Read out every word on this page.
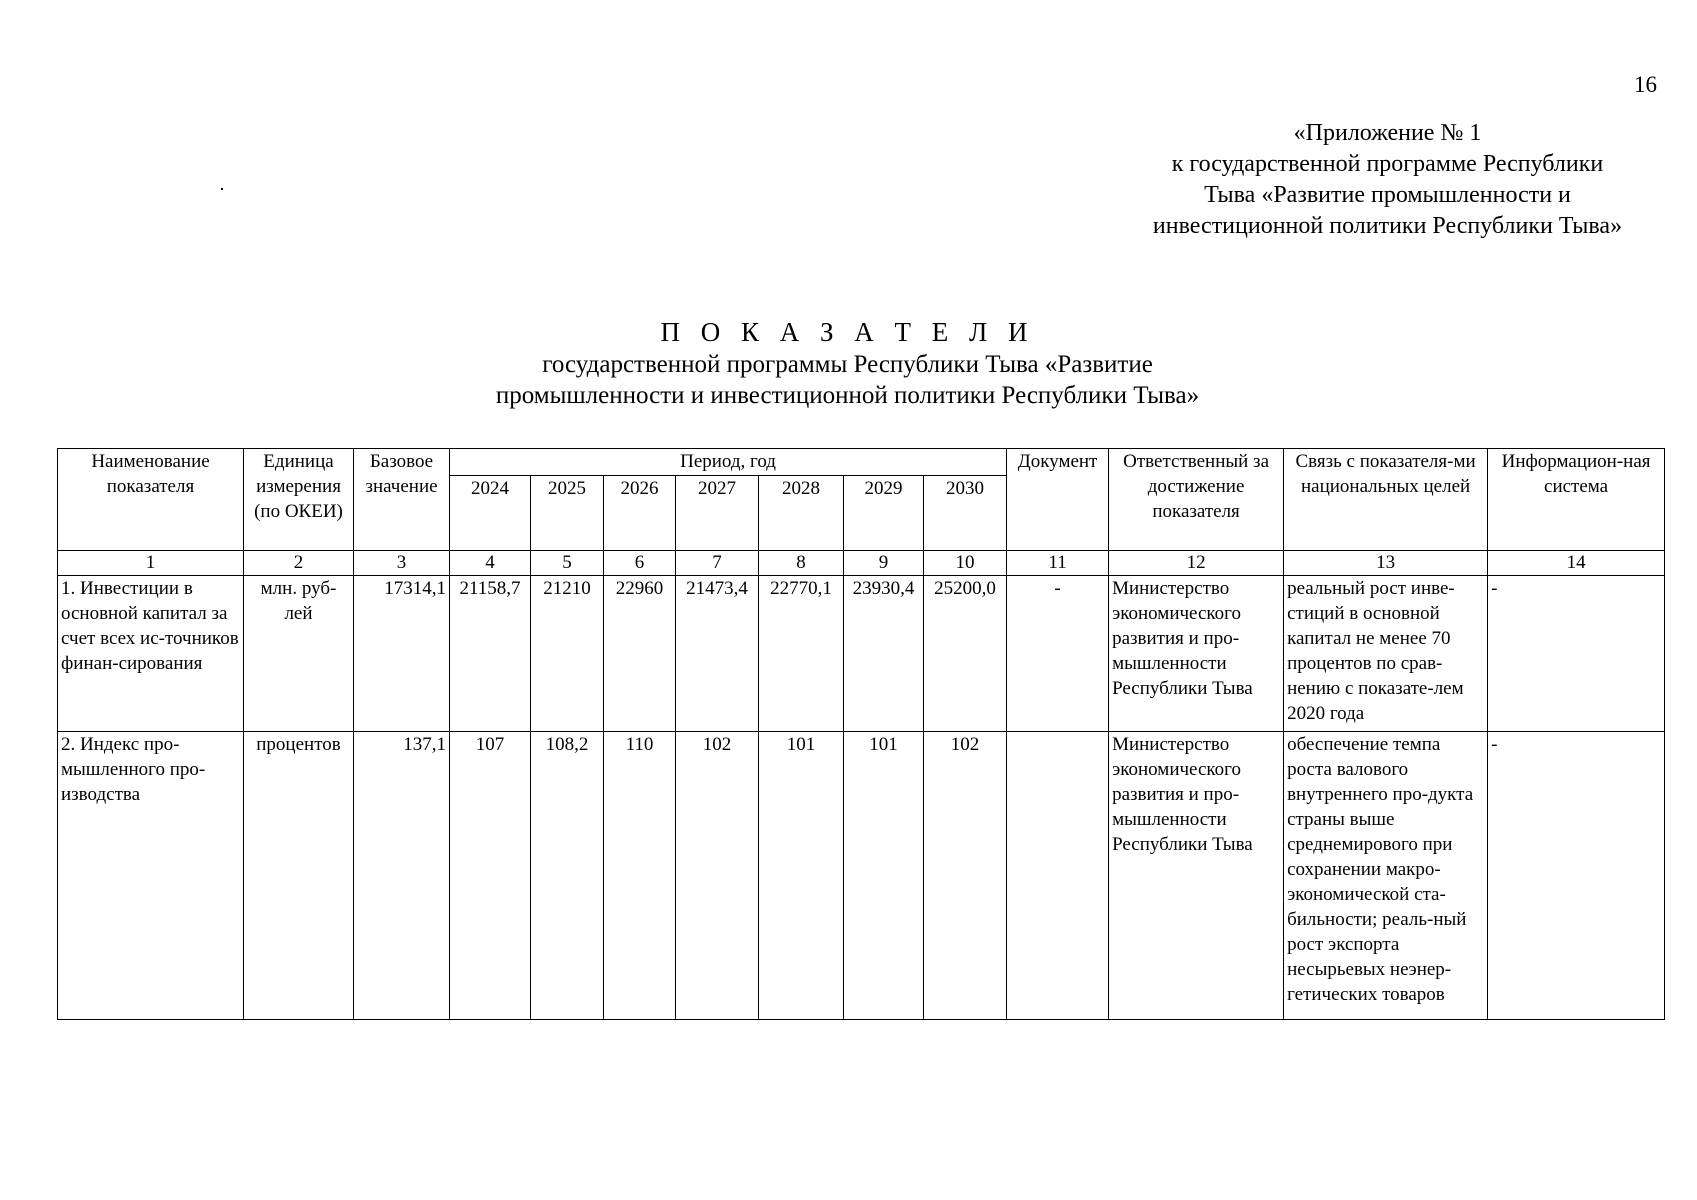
16
«Приложение № 1
к государственной программе Республики
Тыва «Развитие промышленности и
инвестиционной политики Республики Тыва»
П О К А З А Т Е Л И
государственной программы Республики Тыва «Развитие
промышленности и инвестиционной политики Республики Тыва»
Наименование показателя	Единица измерения (по ОКЕИ)	Базовое значение	Период, год							Документ	Ответственный за достижение показателя	Связь с показателя-ми национальных целей	Информацион-ная система
			2024	2025	2026	2027	2028	2029	2030				
1	2	3	4	5	6	7	8	9	10	11	12	13	14
1. Инвестиции в основной капитал за счет всех ис-точников финан-сирования	млн. руб-лей	17314,1	21158,7	21210	22960	21473,4	22770,1	23930,4	25200,0	-	Министерство экономического развития и про-мышленности Республики Тыва	реальный рост инве-стиций в основной капитал не менее 70 процентов по срав-нению с показате-лем 2020 года	-
2. Индекс про-мышленного про-изводства	процентов	137,1	107	108,2	110	102	101	101	102		Министерство экономического развития и про-мышленности Республики Тыва	обеспечение темпа роста валового внутреннего про-дукта страны выше среднемирового при сохранении макро-экономической ста-бильности; реаль-ный рост экспорта несырьевых неэнер-гетических товаров	-
